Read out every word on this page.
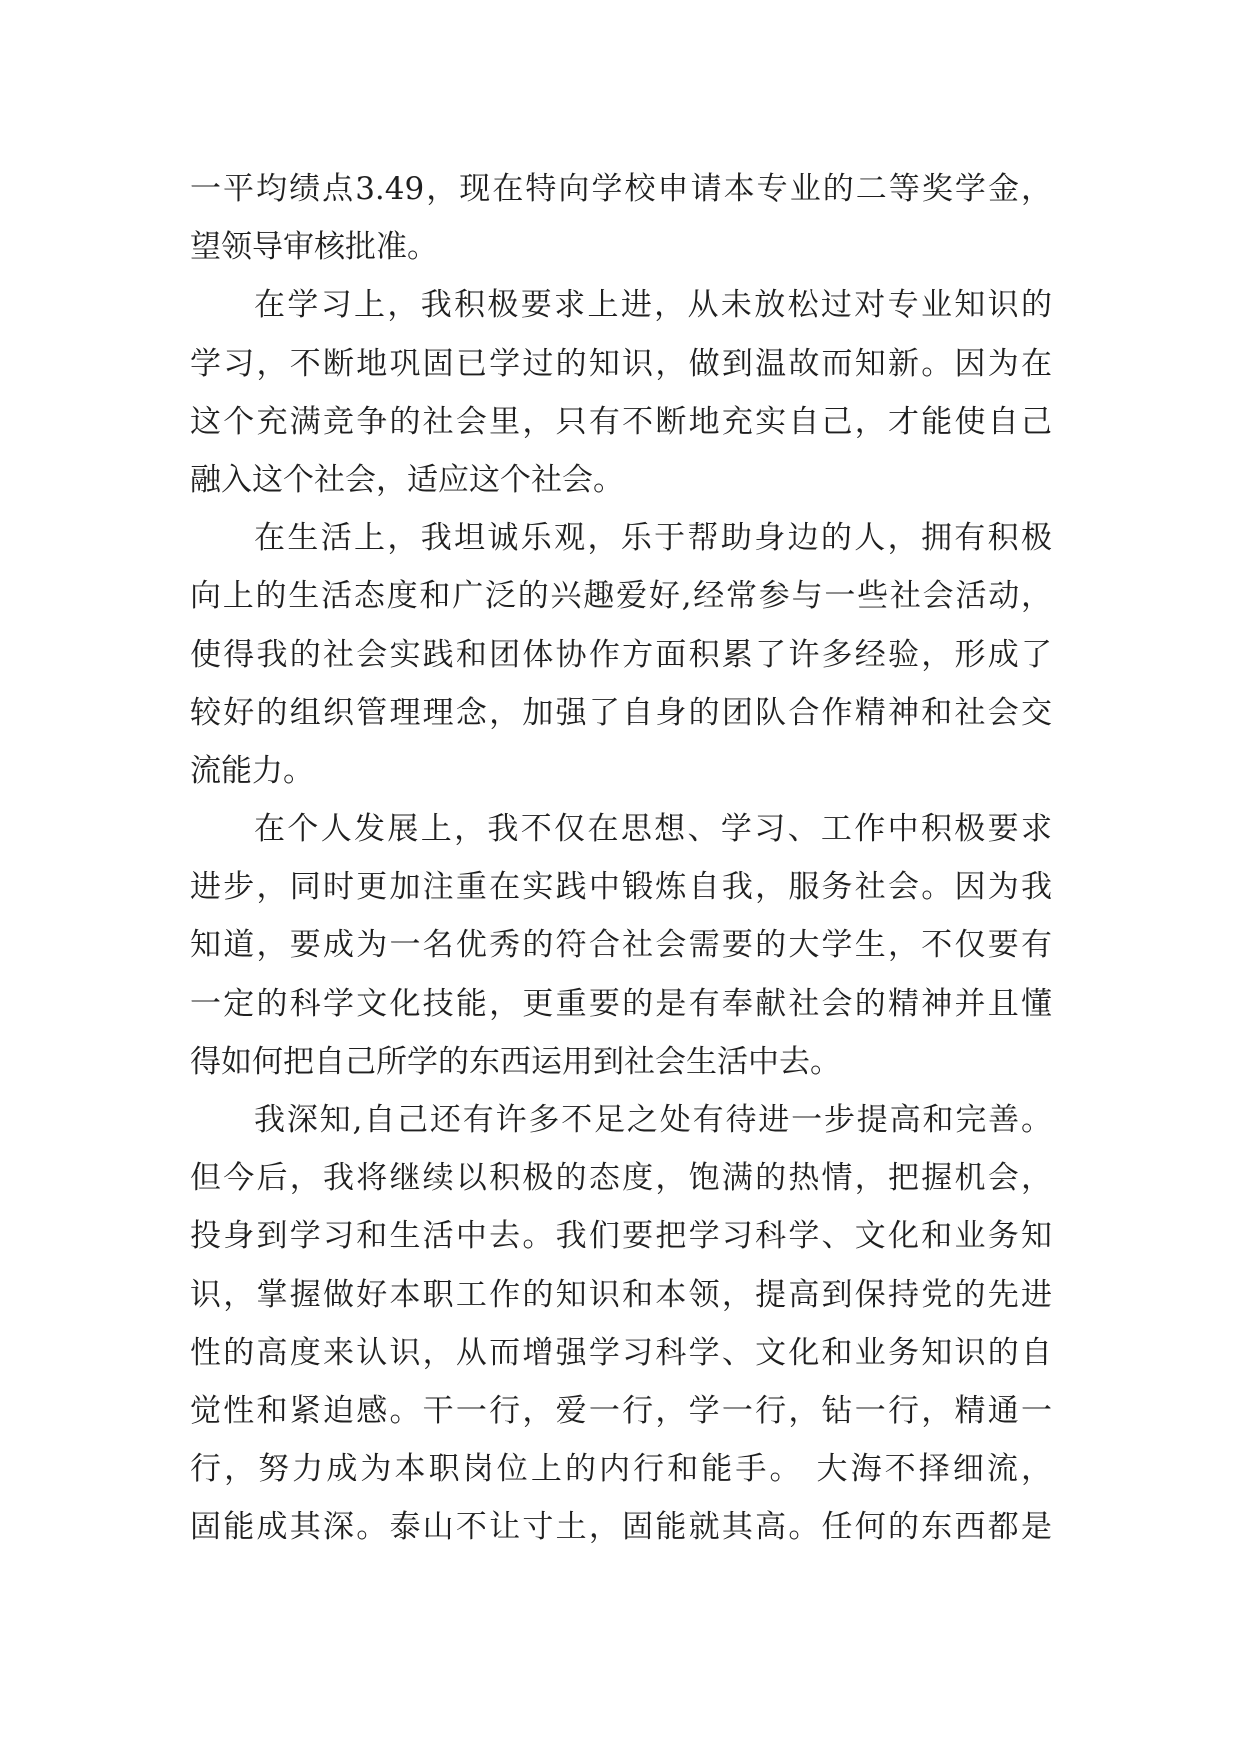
一平均绩点3.49，现在特向学校申请本专业的二等奖学金，
望领导审核批准。
在学习上，我积极要求上进，从未放松过对专业知识的
学习，不断地巩固已学过的知识，做到温故而知新。因为在
这个充满竞争的社会里，只有不断地充实自己，才能使自己
融入这个社会，适应这个社会。
在生活上，我坦诚乐观，乐于帮助身边的人，拥有积极
向上的生活态度和广泛的兴趣爱好,经常参与一些社会活动，
使得我的社会实践和团体协作方面积累了许多经验，形成了
较好的组织管理理念，加强了自身的团队合作精神和社会交
流能力。
在个人发展上，我不仅在思想、学习、工作中积极要求
进步，同时更加注重在实践中锻炼自我，服务社会。因为我
知道，要成为一名优秀的符合社会需要的大学生，不仅要有
一定的科学文化技能，更重要的是有奉献社会的精神并且懂
得如何把自己所学的东西运用到社会生活中去。
我深知,自己还有许多不足之处有待进一步提高和完善。
但今后，我将继续以积极的态度，饱满的热情，把握机会，
投身到学习和生活中去。我们要把学习科学、文化和业务知
识，掌握做好本职工作的知识和本领，提高到保持党的先进
性的高度来认识，从而增强学习科学、文化和业务知识的自
觉性和紧迫感。干一行，爱一行，学一行，钻一行，精通一
行，努力成为本职岗位上的内行和能手。 大海不择细流，
固能成其深。泰山不让寸土，固能就其高。任何的东西都是
